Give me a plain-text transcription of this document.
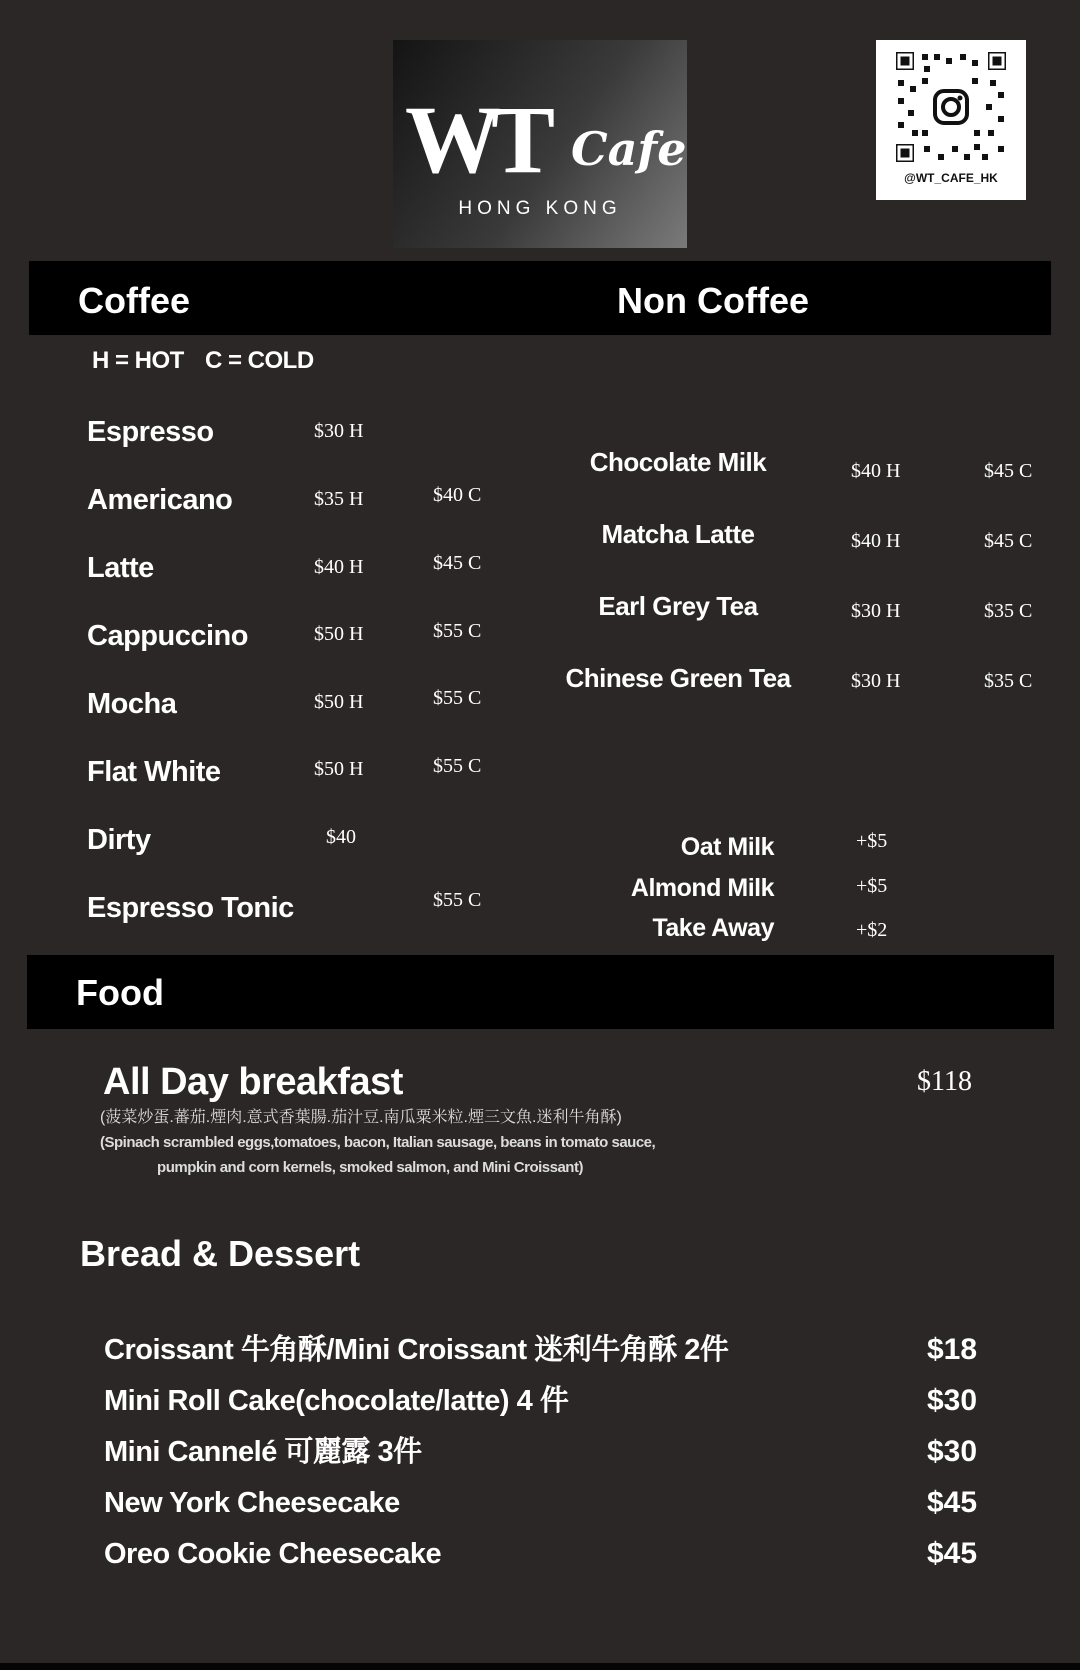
WT Cafe
HONG KONG
@WT_CAFE_HK
Coffee	Non Coffee
H = HOT C = COLD
Espresso	$30 H
Americano	$35 H	$40 C
Latte	$40 H	$45 C
Cappuccino	$50 H	$55 C
Mocha	$50 H	$55 C
Flat White	$50 H	$55 C
Dirty	$40
Espresso Tonic	$55 C
Chocolate Milk	$40 H	$45 C
Matcha Latte	$40 H	$45 C
Earl Grey Tea	$30 H	$35 C
Chinese Green Tea	$30 H	$35 C
Oat Milk	+$5
Almond Milk	+$5
Take Away	+$2
Food
All Day breakfast	$118
(菠菜炒蛋.蕃茄.煙肉.意式香葉腸.茄汁豆.南瓜粟米粒.煙三文魚.迷利牛角酥)
(Spinach scrambled eggs,tomatoes, bacon, Italian sausage, beans in tomato sauce,
pumpkin and corn kernels, smoked salmon, and Mini Croissant)
Bread & Dessert
Croissant 牛角酥/Mini Croissant 迷利牛角酥 2件	$18
Mini Roll Cake(chocolate/latte) 4 件	$30
Mini Cannelé 可麗露 3件	$30
New York Cheesecake	$45
Oreo Cookie Cheesecake	$45
